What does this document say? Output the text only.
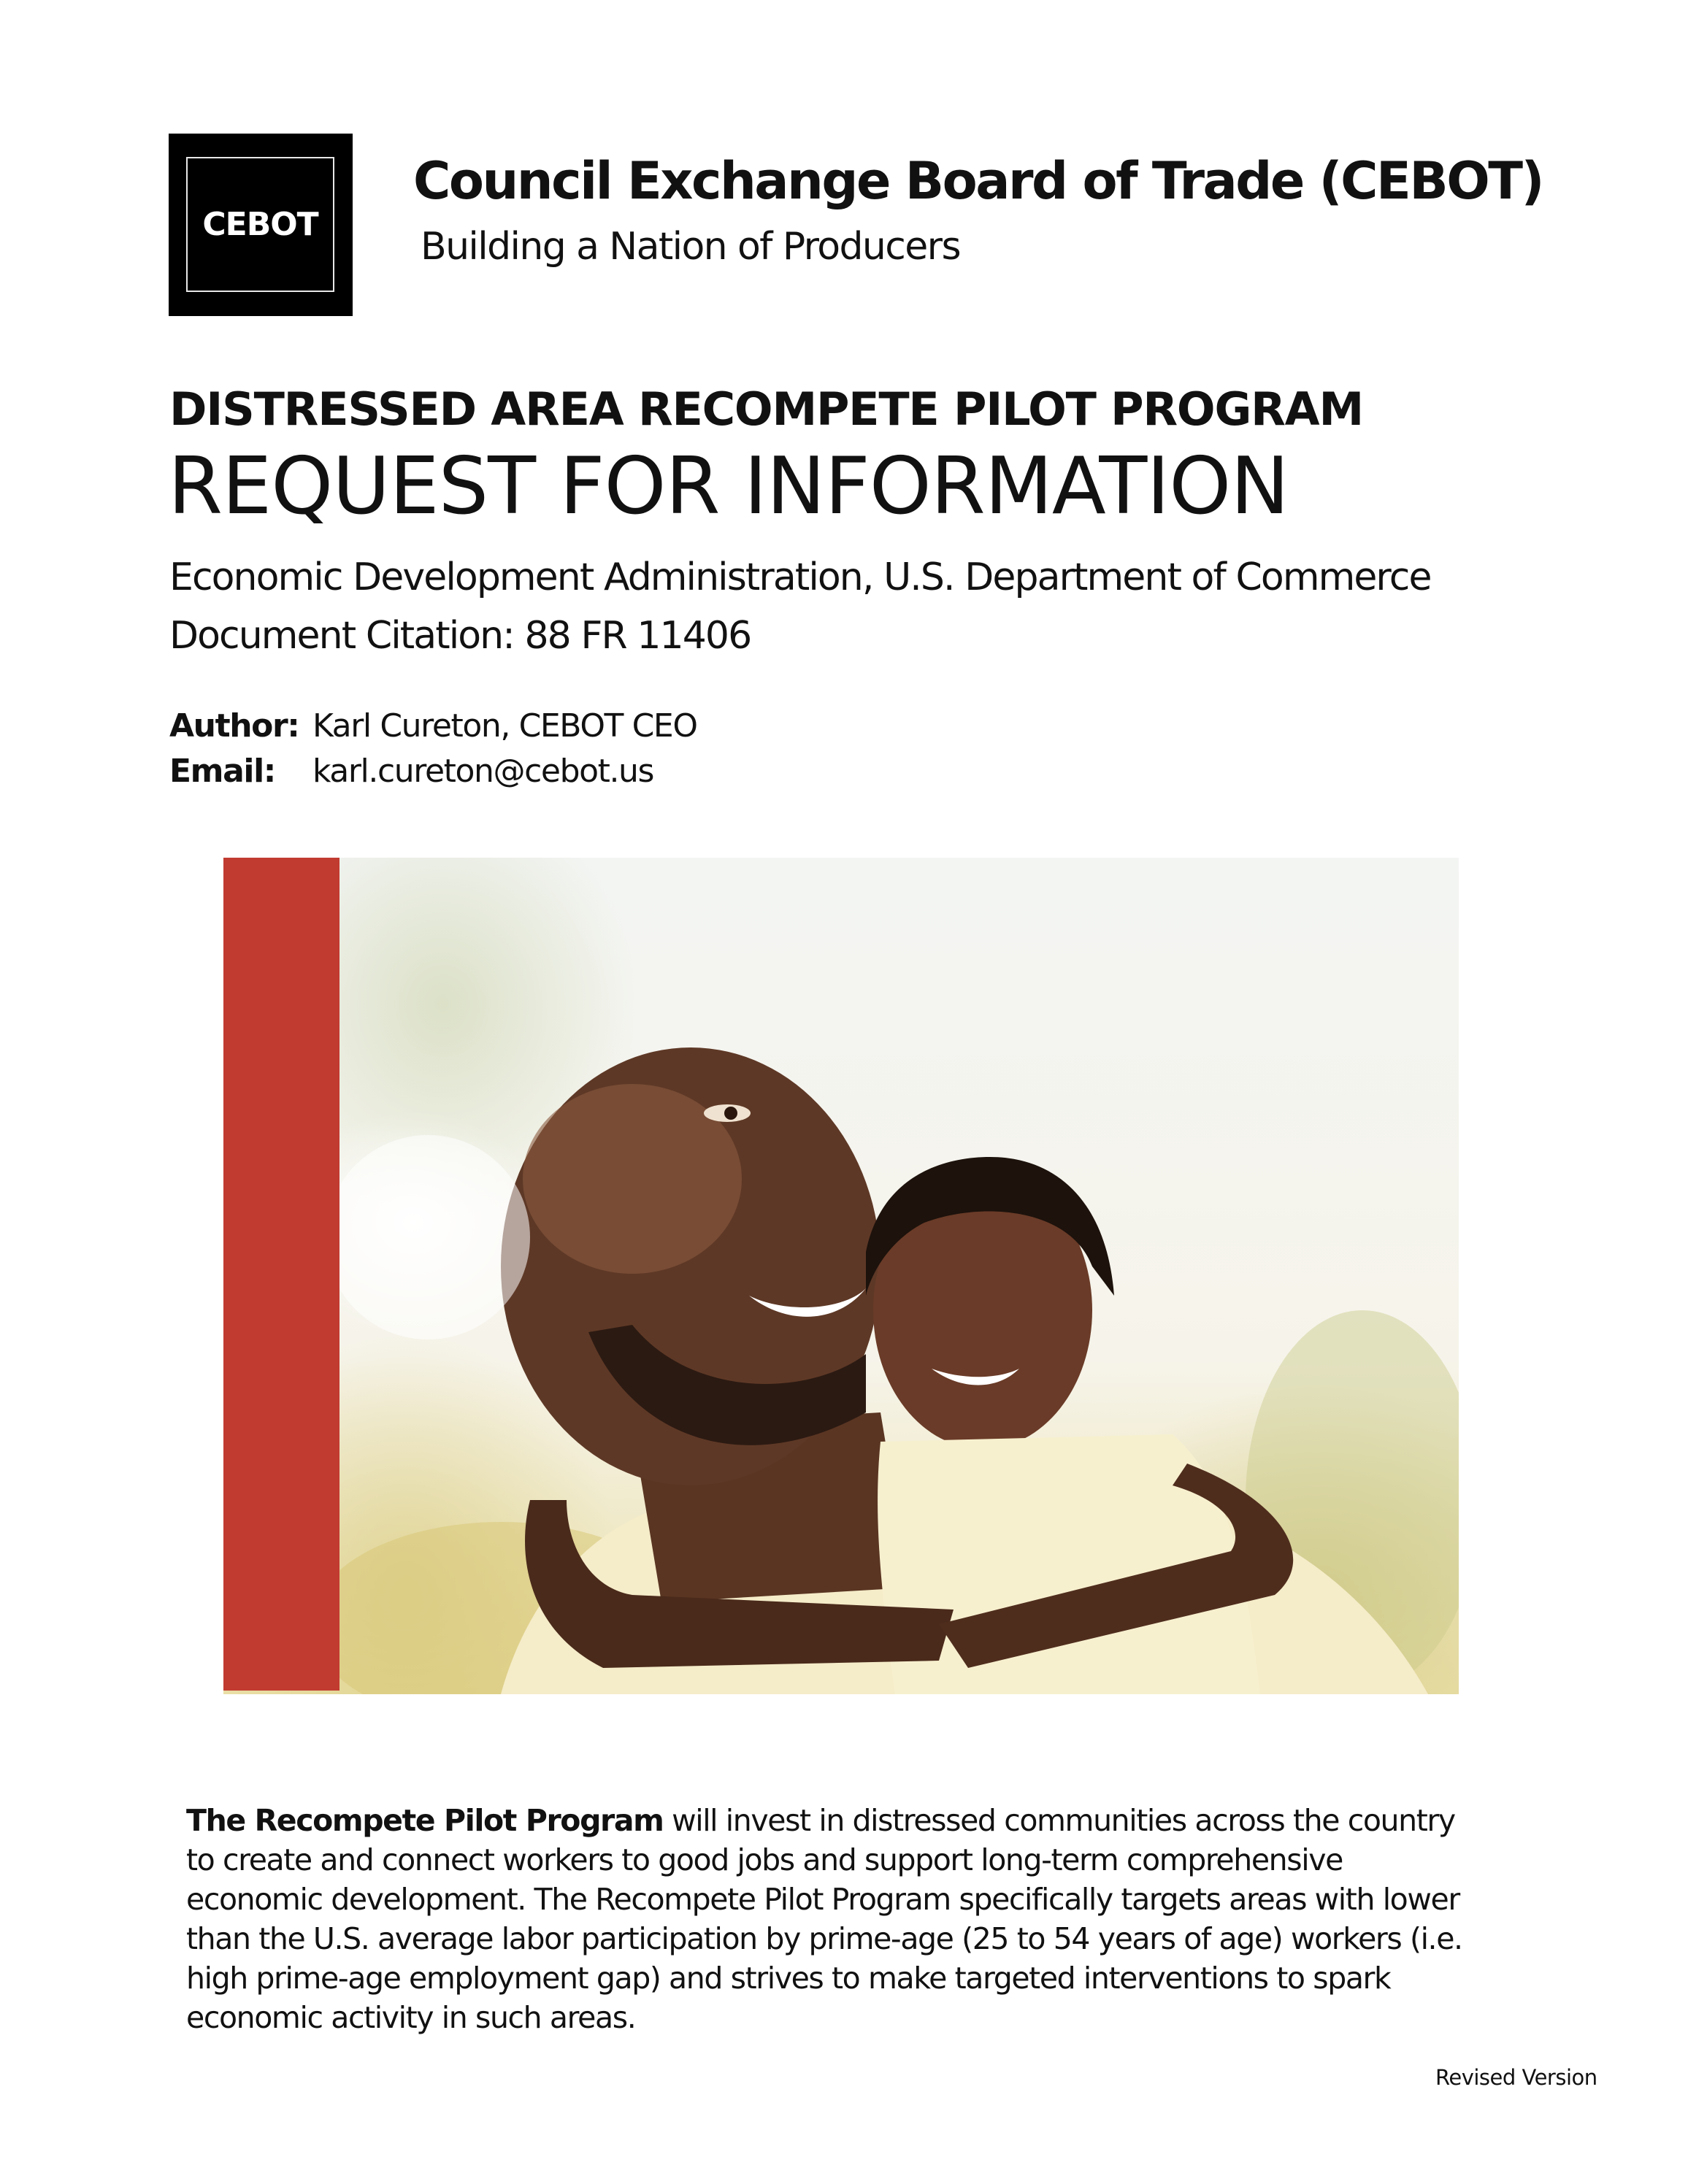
CEBOT
Council Exchange Board of Trade (CEBOT)
Building a Nation of Producers
DISTRESSED AREA RECOMPETE PILOT PROGRAM
REQUEST FOR INFORMATION
Economic Development Administration, U.S. Department of Commerce
Document Citation: 88 FR 11406
Author: Karl Cureton, CEBOT CEO
Email:	karl.cureton@cebot.us

The Recompete Pilot Program will invest in distressed communities across the country to create and connect workers to good jobs and support long-term comprehensive economic development. The Recompete Pilot Program specifically targets areas with lower than the U.S. average labor participation by prime-age (25 to 54 years of age) workers (i.e. high prime-age employment gap) and strives to make targeted interventions to spark economic activity in such areas.

Revised Version
